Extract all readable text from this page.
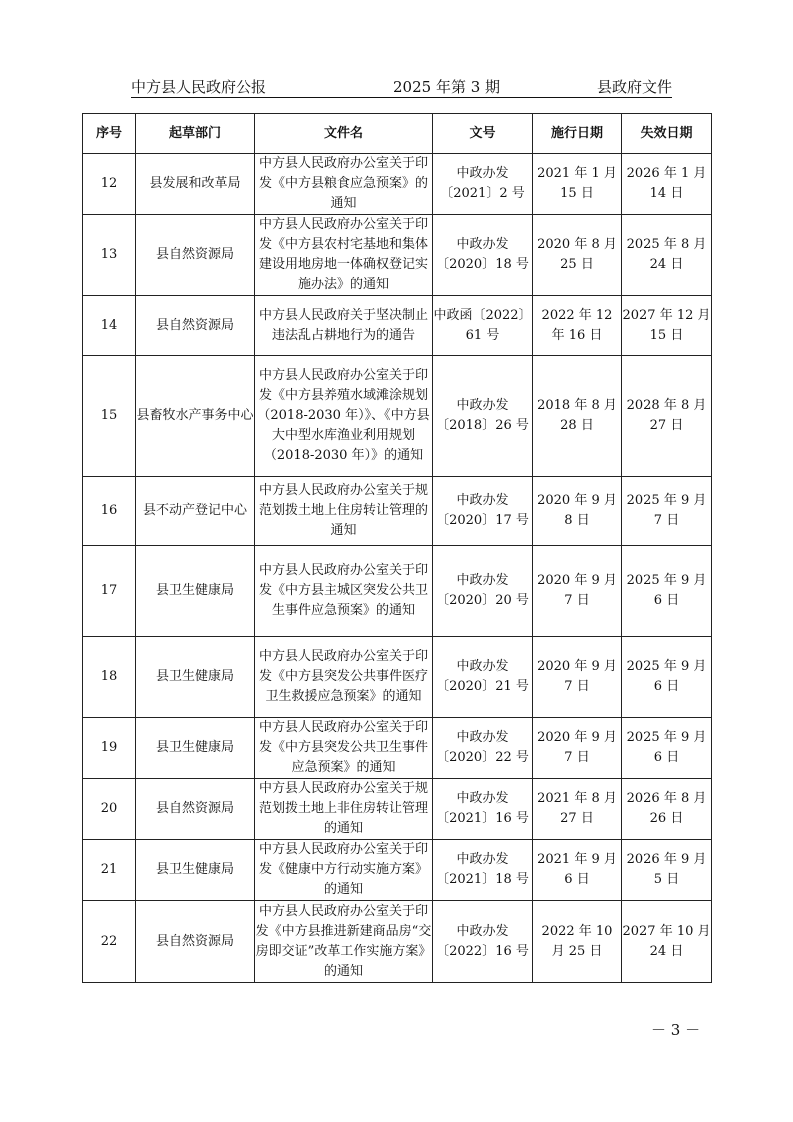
中方县人民政府公报	2025 年第 3 期	县政府文件
序号	起草部门	文件名	文号	施行日期	失效日期
12	县发展和改革局	中方县人民政府办公室关于印发《中方县粮食应急预案》的通知	中政办发〔2021〕2 号	2021 年 1 月 15 日	2026 年 1 月 14 日
13	县自然资源局	中方县人民政府办公室关于印发《中方县农村宅基地和集体建设用地房地一体确权登记实施办法》的通知	中政办发〔2020〕18 号	2020 年 8 月 25 日	2025 年 8 月 24 日
14	县自然资源局	中方县人民政府关于坚决制止违法乱占耕地行为的通告	中政函〔2022〕61 号	2022 年 12 年 16 日	2027 年 12 月 15 日
15	县畜牧水产事务中心	中方县人民政府办公室关于印发《中方县养殖水域滩涂规划（2018-2030 年）》、《中方县大中型水库渔业利用规划（2018-2030 年）》的通知	中政办发〔2018〕26 号	2018 年 8 月 28 日	2028 年 8 月 27 日
16	县不动产登记中心	中方县人民政府办公室关于规范划拨土地上住房转让管理的通知	中政办发〔2020〕17 号	2020 年 9 月 8 日	2025 年 9 月 7 日
17	县卫生健康局	中方县人民政府办公室关于印发《中方县主城区突发公共卫生事件应急预案》的通知	中政办发〔2020〕20 号	2020 年 9 月 7 日	2025 年 9 月 6 日
18	县卫生健康局	中方县人民政府办公室关于印发《中方县突发公共事件医疗卫生救援应急预案》的通知	中政办发〔2020〕21 号	2020 年 9 月 7 日	2025 年 9 月 6 日
19	县卫生健康局	中方县人民政府办公室关于印发《中方县突发公共卫生事件应急预案》的通知	中政办发〔2020〕22 号	2020 年 9 月 7 日	2025 年 9 月 6 日
20	县自然资源局	中方县人民政府办公室关于规范划拨土地上非住房转让管理的通知	中政办发〔2021〕16 号	2021 年 8 月 27 日	2026 年 8 月 26 日
21	县卫生健康局	中方县人民政府办公室关于印发《健康中方行动实施方案》的通知	中政办发〔2021〕18 号	2021 年 9 月 6 日	2026 年 9 月 5 日
22	县自然资源局	中方县人民政府办公室关于印发《中方县推进新建商品房“交房即交证”改革工作实施方案》的通知	中政办发〔2022〕16 号	2022 年 10 月 25 日	2027 年 10 月 24 日
－ 3 －
